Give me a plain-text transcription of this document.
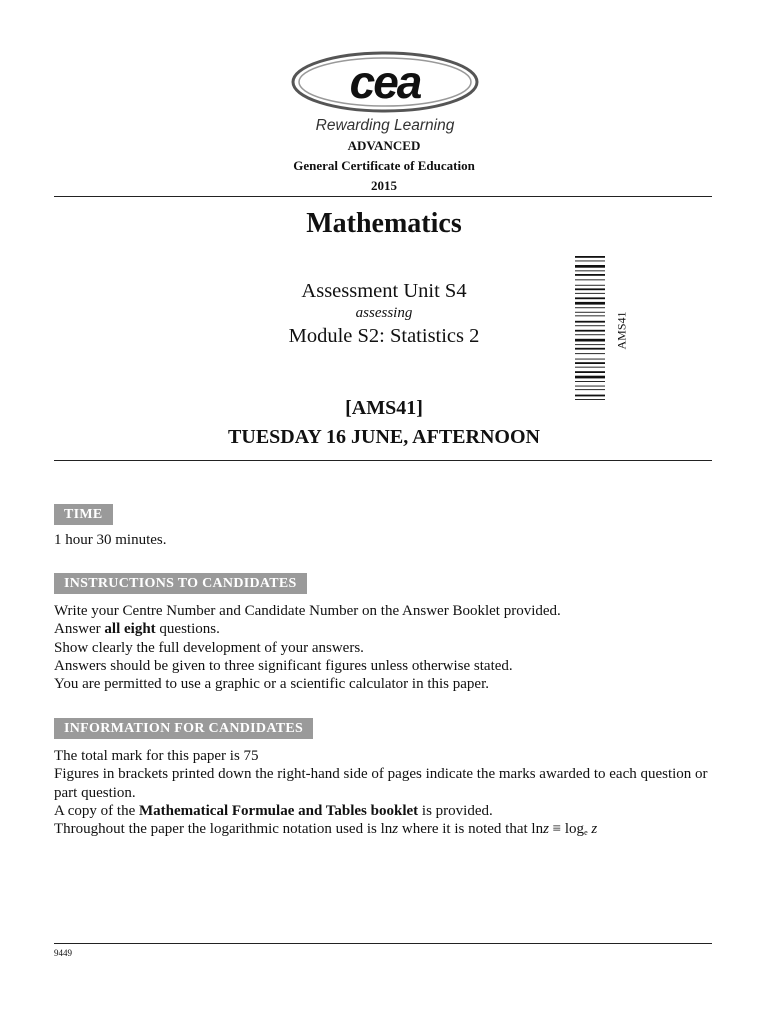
cea
Rewarding Learning
ADVANCED
General Certificate of Education
2015
Mathematics
Assessment Unit S4
assessing
Module S2: Statistics 2	AMS41
[AMS41]
TUESDAY 16 JUNE, AFTERNOON
TIME
1 hour 30 minutes.
INSTRUCTIONS TO CANDIDATES
Write your Centre Number and Candidate Number on the Answer Booklet provided.
Answer all eight questions.
Show clearly the full development of your answers.
Answers should be given to three significant figures unless otherwise stated.
You are permitted to use a graphic or a scientific calculator in this paper.
INFORMATION FOR CANDIDATES
The total mark for this paper is 75
Figures in brackets printed down the right-hand side of pages indicate the marks awarded to each question or part question.
A copy of the Mathematical Formulae and Tables booklet is provided.
Throughout the paper the logarithmic notation used is lnz where it is noted that $\ln z \equiv \log_e z$
9449
